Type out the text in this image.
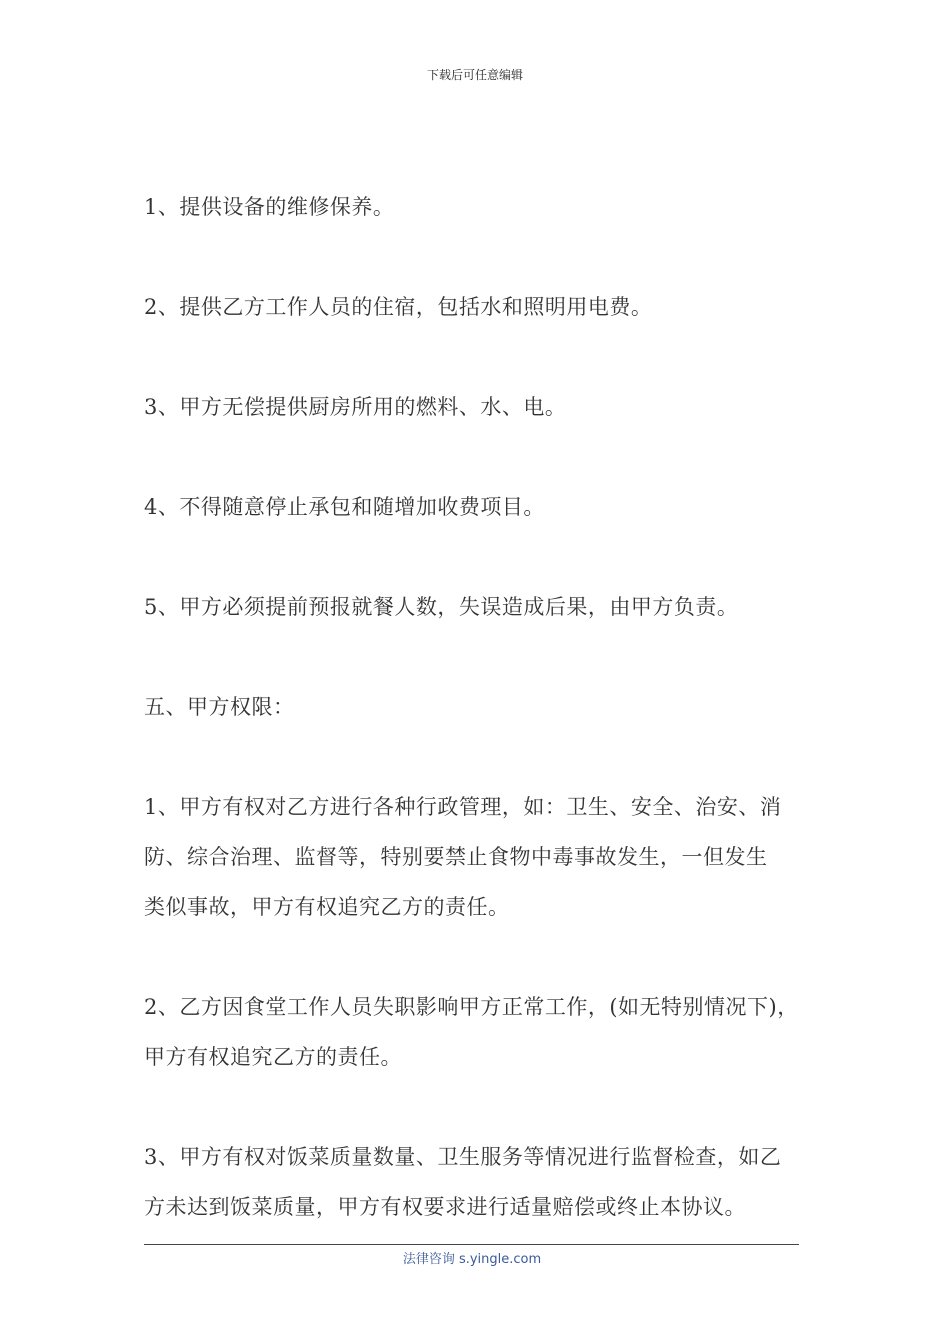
下载后可任意编辑

1、提供设备的维修保养。

2、提供乙方工作人员的住宿，包括水和照明用电费。

3、甲方无偿提供厨房所用的燃料、水、电。

4、不得随意停止承包和随增加收费项目。

5、甲方必须提前预报就餐人数，失误造成后果，由甲方负责。

五、甲方权限：

1、甲方有权对乙方进行各种行政管理，如：卫生、安全、治安、消
防、综合治理、监督等，特别要禁止食物中毒事故发生，一但发生
类似事故，甲方有权追究乙方的责任。

2、乙方因食堂工作人员失职影响甲方正常工作，(如无特别情况下)，
甲方有权追究乙方的责任。

3、甲方有权对饭菜质量数量、卫生服务等情况进行监督检查，如乙
方未达到饭菜质量，甲方有权要求进行适量赔偿或终止本协议。

法律咨询 s.yingle.com
